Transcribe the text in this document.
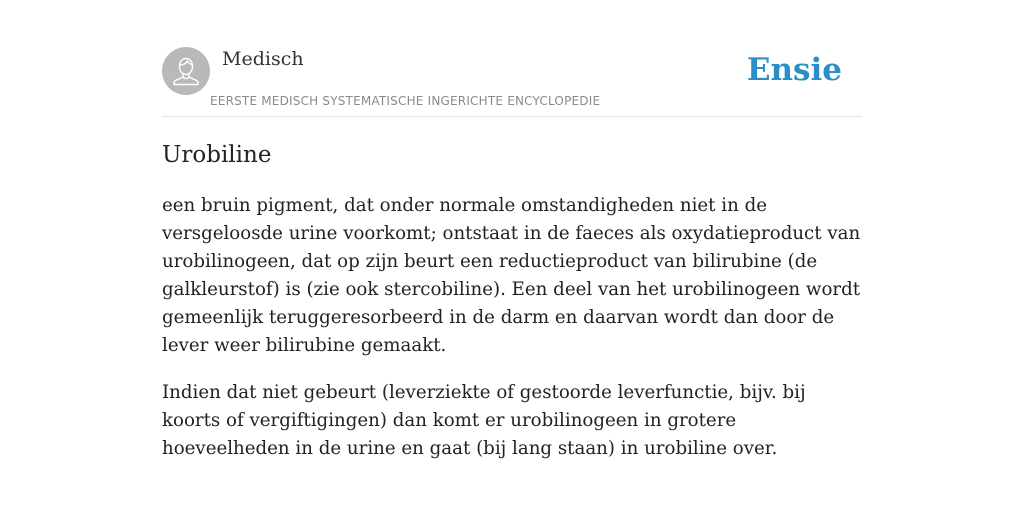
Medisch
EERSTE MEDISCH SYSTEMATISCHE INGERICHTE ENCYCLOPEDIE
Ensie
Urobiline

een bruin pigment, dat onder normale omstandigheden niet in de versgeloosde urine voorkomt; ontstaat in de faeces als oxydatieproduct van urobilinogeen, dat op zijn beurt een reductieproduct van bilirubine (de galkleurstof) is (zie ook stercobiline). Een deel van het urobilinogeen wordt gemeenlijk teruggeresorbeerd in de darm en daarvan wordt dan door de lever weer bilirubine gemaakt.

Indien dat niet gebeurt (leverziekte of gestoorde leverfunctie, bijv. bij koorts of vergiftigingen) dan komt er urobilinogeen in grotere hoeveelheden in de urine en gaat (bij lang staan) in urobiline over.
